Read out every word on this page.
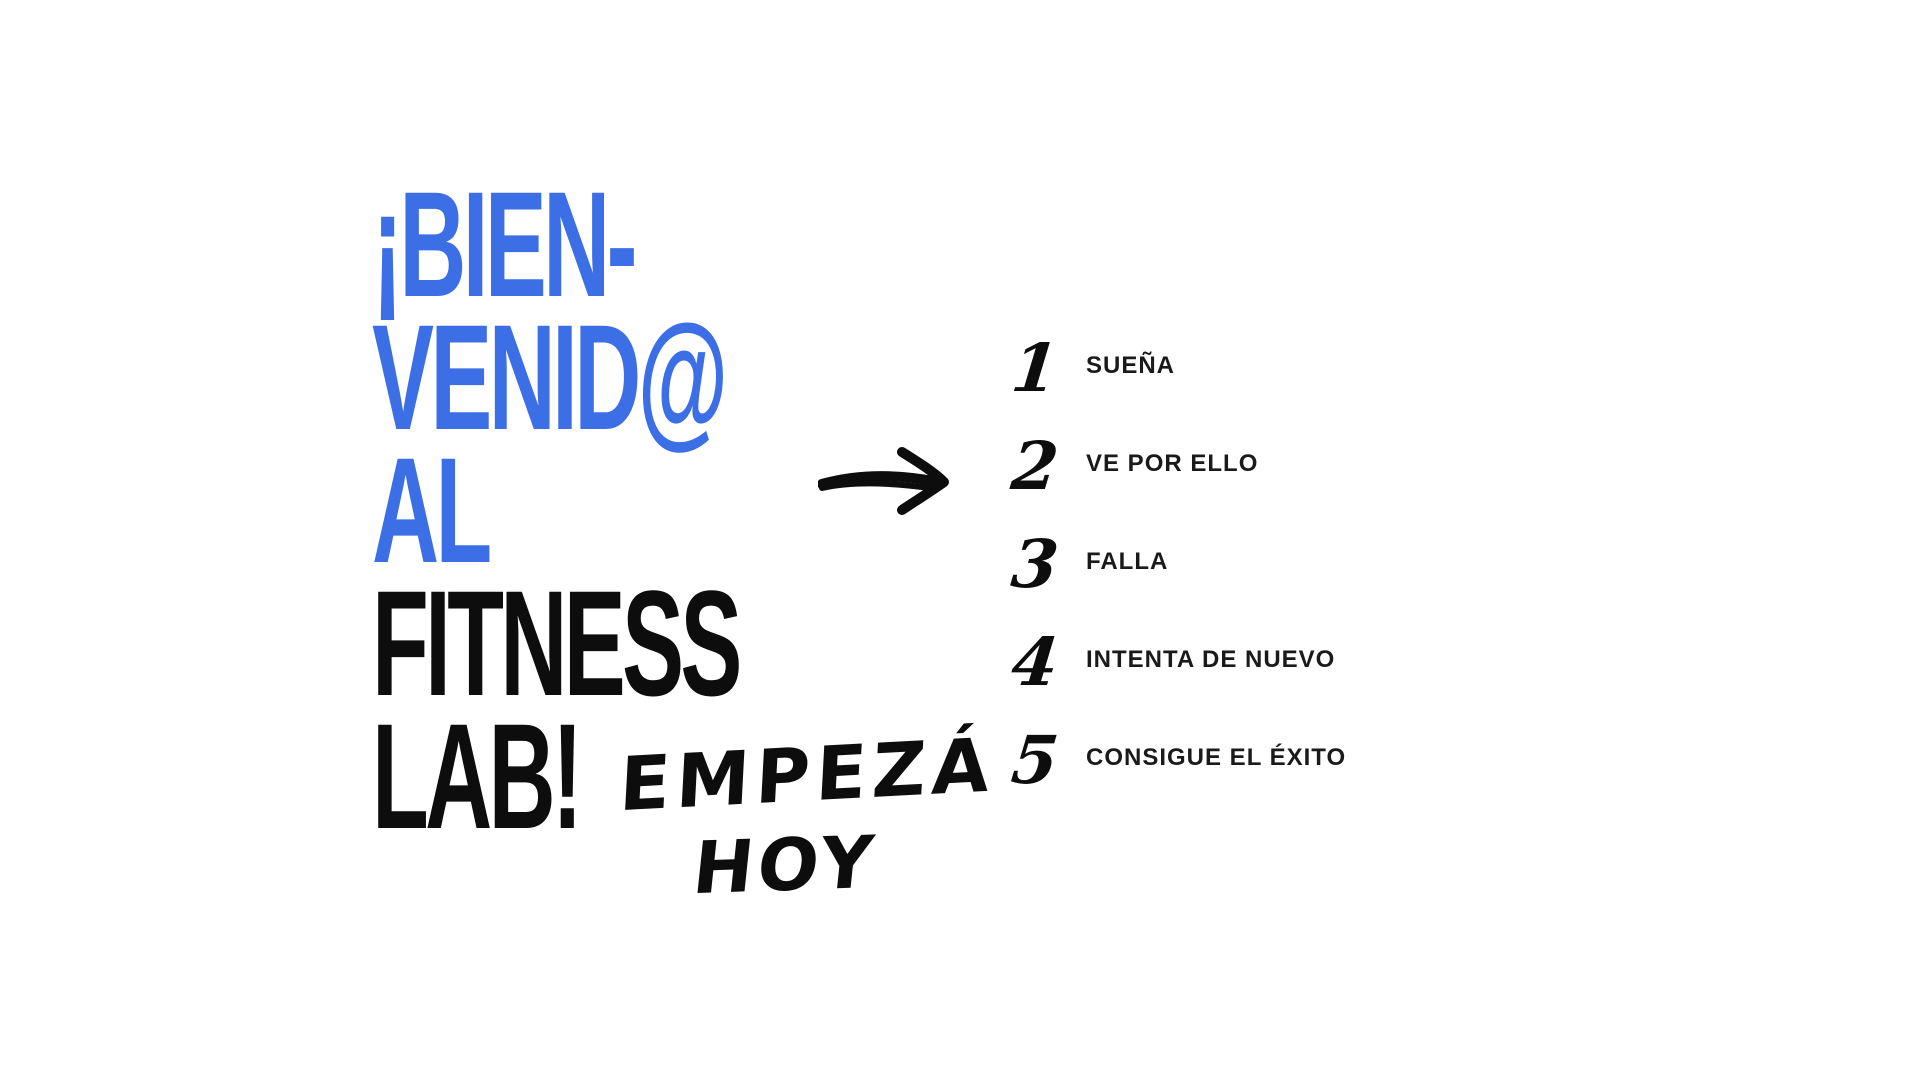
¡BIEN-
VENID@
AL
FITNESS
LAB! EMPEZÁ
HOY
1 SUEÑA
2 VE POR ELLO
3 FALLA
4 INTENTA DE NUEVO
5 CONSIGUE EL ÉXITO
